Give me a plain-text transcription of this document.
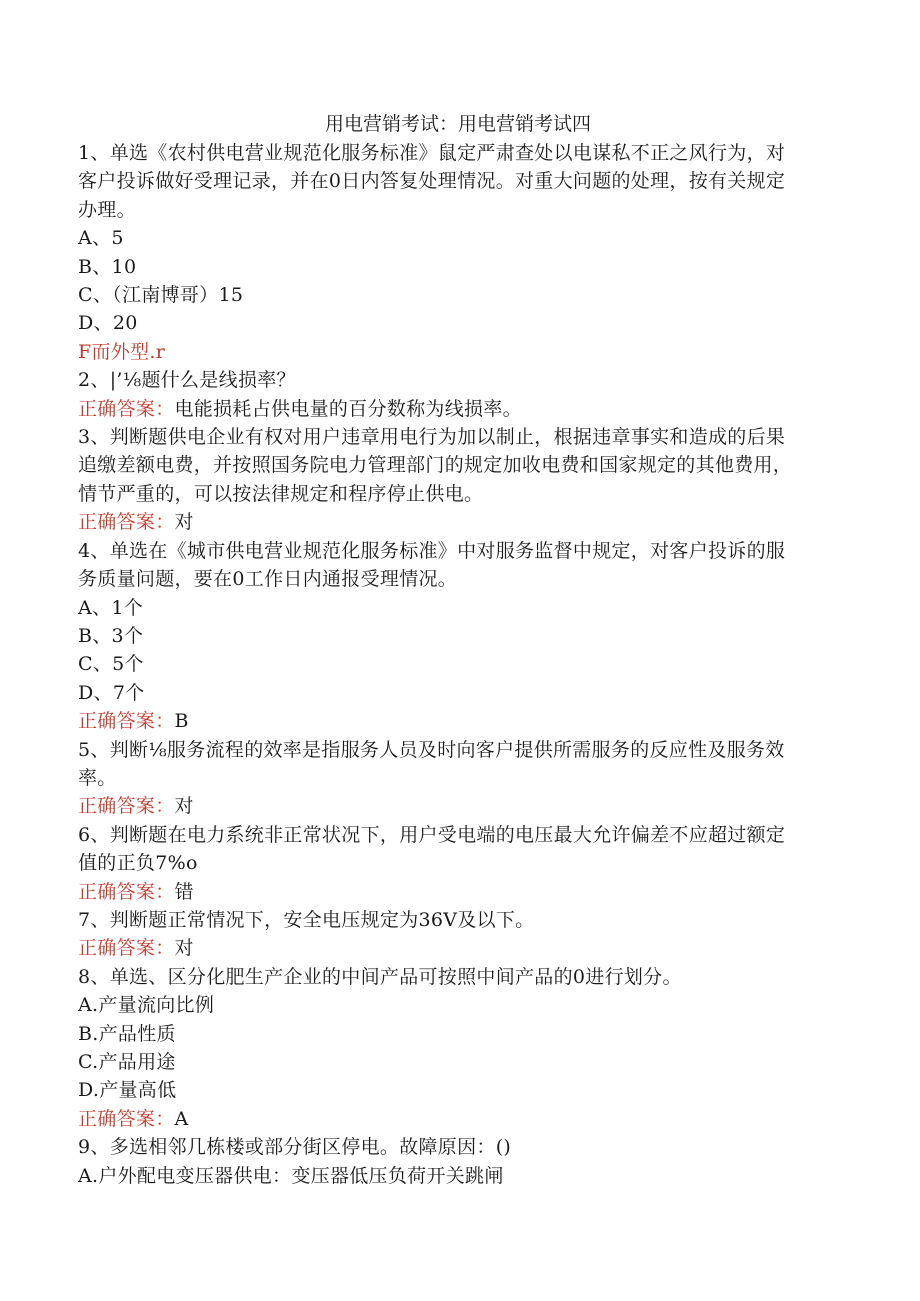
用电营销考试：用电营销考试四

1、单选《农村供电营业规范化服务标准》鼠定严肃查处以电谋私不正之风行为，对

客户投诉做好受理记录，并在0日内答复处理情况。对重大问题的处理，按有关规定

办理。

A、5

B、10

C、（江南博哥）15

D、20

F而外型.r

2、|’⅛题什么是线损率？

正确答案：电能损耗占供电量的百分数称为线损率。

3、判断题供电企业有权对用户违章用电行为加以制止，根据违章事实和造成的后果

追缴差额电费，并按照国务院电力管理部门的规定加收电费和国家规定的其他费用，

情节严重的，可以按法律规定和程序停止供电。

正确答案：对

4、单选在《城市供电营业规范化服务标准》中对服务监督中规定，对客户投诉的服

务质量问题，要在0工作日内通报受理情况。

A、1个

B、3个

C、5个

D、7个

正确答案：B

5、判断⅛服务流程的效率是指服务人员及时向客户提供所需服务的反应性及服务效

率。

正确答案：对

6、判断题在电力系统非正常状况下，用户受电端的电压最大允许偏差不应超过额定

值的正负7%o

正确答案：错

7、判断题正常情况下，安全电压规定为36V及以下。

正确答案：对

8、单选、区分化肥生产企业的中间产品可按照中间产品的0进行划分。

A.产量流向比例

B.产品性质

C.产品用途

D.产量高低

正确答案：A

9、多选相邻几栋楼或部分街区停电。故障原因：()

A.户外配电变压器供电：变压器低压负荷开关跳闸
